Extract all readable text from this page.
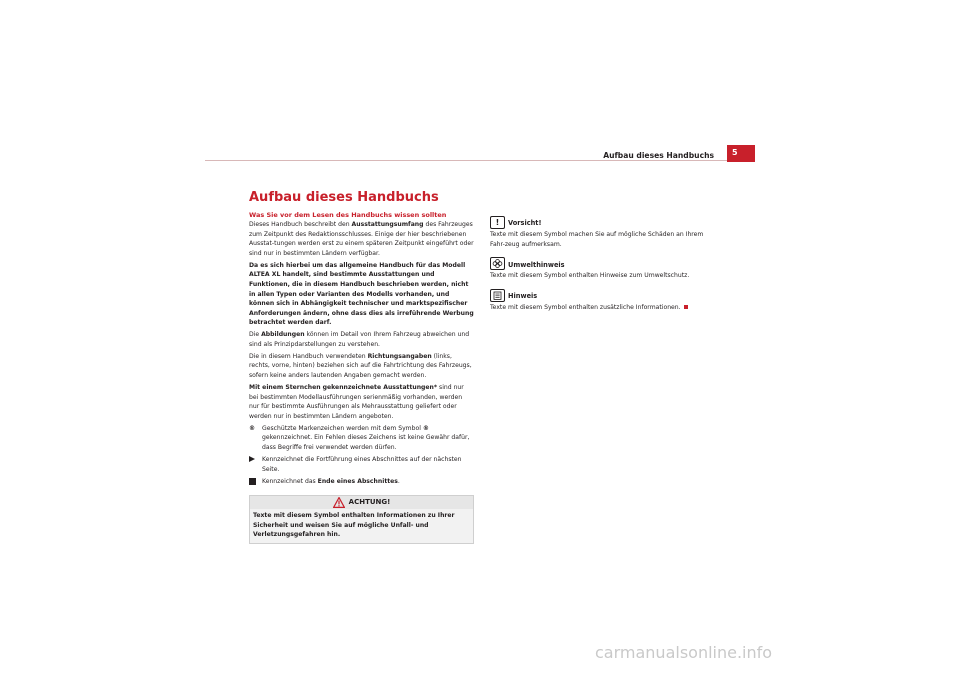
Aufbau dieses Handbuchs 5
Aufbau dieses Handbuchs
Was Sie vor dem Lesen des Handbuchs wissen sollten

Dieses Handbuch beschreibt den Ausstattungsumfang des Fahrzeuges zum Zeitpunkt des Redaktionsschlusses. Einige der hier beschriebenen Ausstat-tungen werden erst zu einem späteren Zeitpunkt eingeführt oder sind nur in bestimmten Ländern verfügbar.

Da es sich hierbei um das allgemeine Handbuch für das Modell ALTEA XL handelt, sind bestimmte Ausstattungen und Funktionen, die in diesem Handbuch beschrieben werden, nicht in allen Typen oder Varianten des Modells vorhanden, und können sich in Abhängigkeit technischer und marktspezifischer Anforderungen ändern, ohne dass dies als irreführende Werbung betrachtet werden darf.

Die Abbildungen können im Detail von Ihrem Fahrzeug abweichen und sind als Prinzipdarstellungen zu verstehen.

Die in diesem Handbuch verwendeten Richtungsangaben (links, rechts, vorne, hinten) beziehen sich auf die Fahrtrichtung des Fahrzeugs, sofern keine anders lautenden Angaben gemacht werden.

Mit einem Sternchen gekennzeichnete Ausstattungen* sind nur bei bestimmten Modellausführungen serienmäßig vorhanden, werden nur für bestimmte Ausführungen als Mehrausstattung geliefert oder werden nur in bestimmten Ländern angeboten.

®	Geschützte Markenzeichen werden mit dem Symbol ® gekennzeichnet. Ein Fehlen dieses Zeichens ist keine Gewähr dafür, dass Begriffe frei verwendet werden dürfen.
Kennzeichnet die Fortführung eines Abschnittes auf der nächsten Seite.
Kennzeichnet das Ende eines Abschnittes.
ACHTUNG!
Texte mit diesem Symbol enthalten Informationen zu Ihrer Sicherheit und weisen Sie auf mögliche Unfall- und Verletzungsgefahren hin.
! Vorsicht!

Texte mit diesem Symbol machen Sie auf mögliche Schäden an Ihrem Fahr-zeug aufmerksam.

Umwelthinweis

Texte mit diesem Symbol enthalten Hinweise zum Umweltschutz.

Hinweis

Texte mit diesem Symbol enthalten zusätzliche Informationen.

carmanualsonline.info
